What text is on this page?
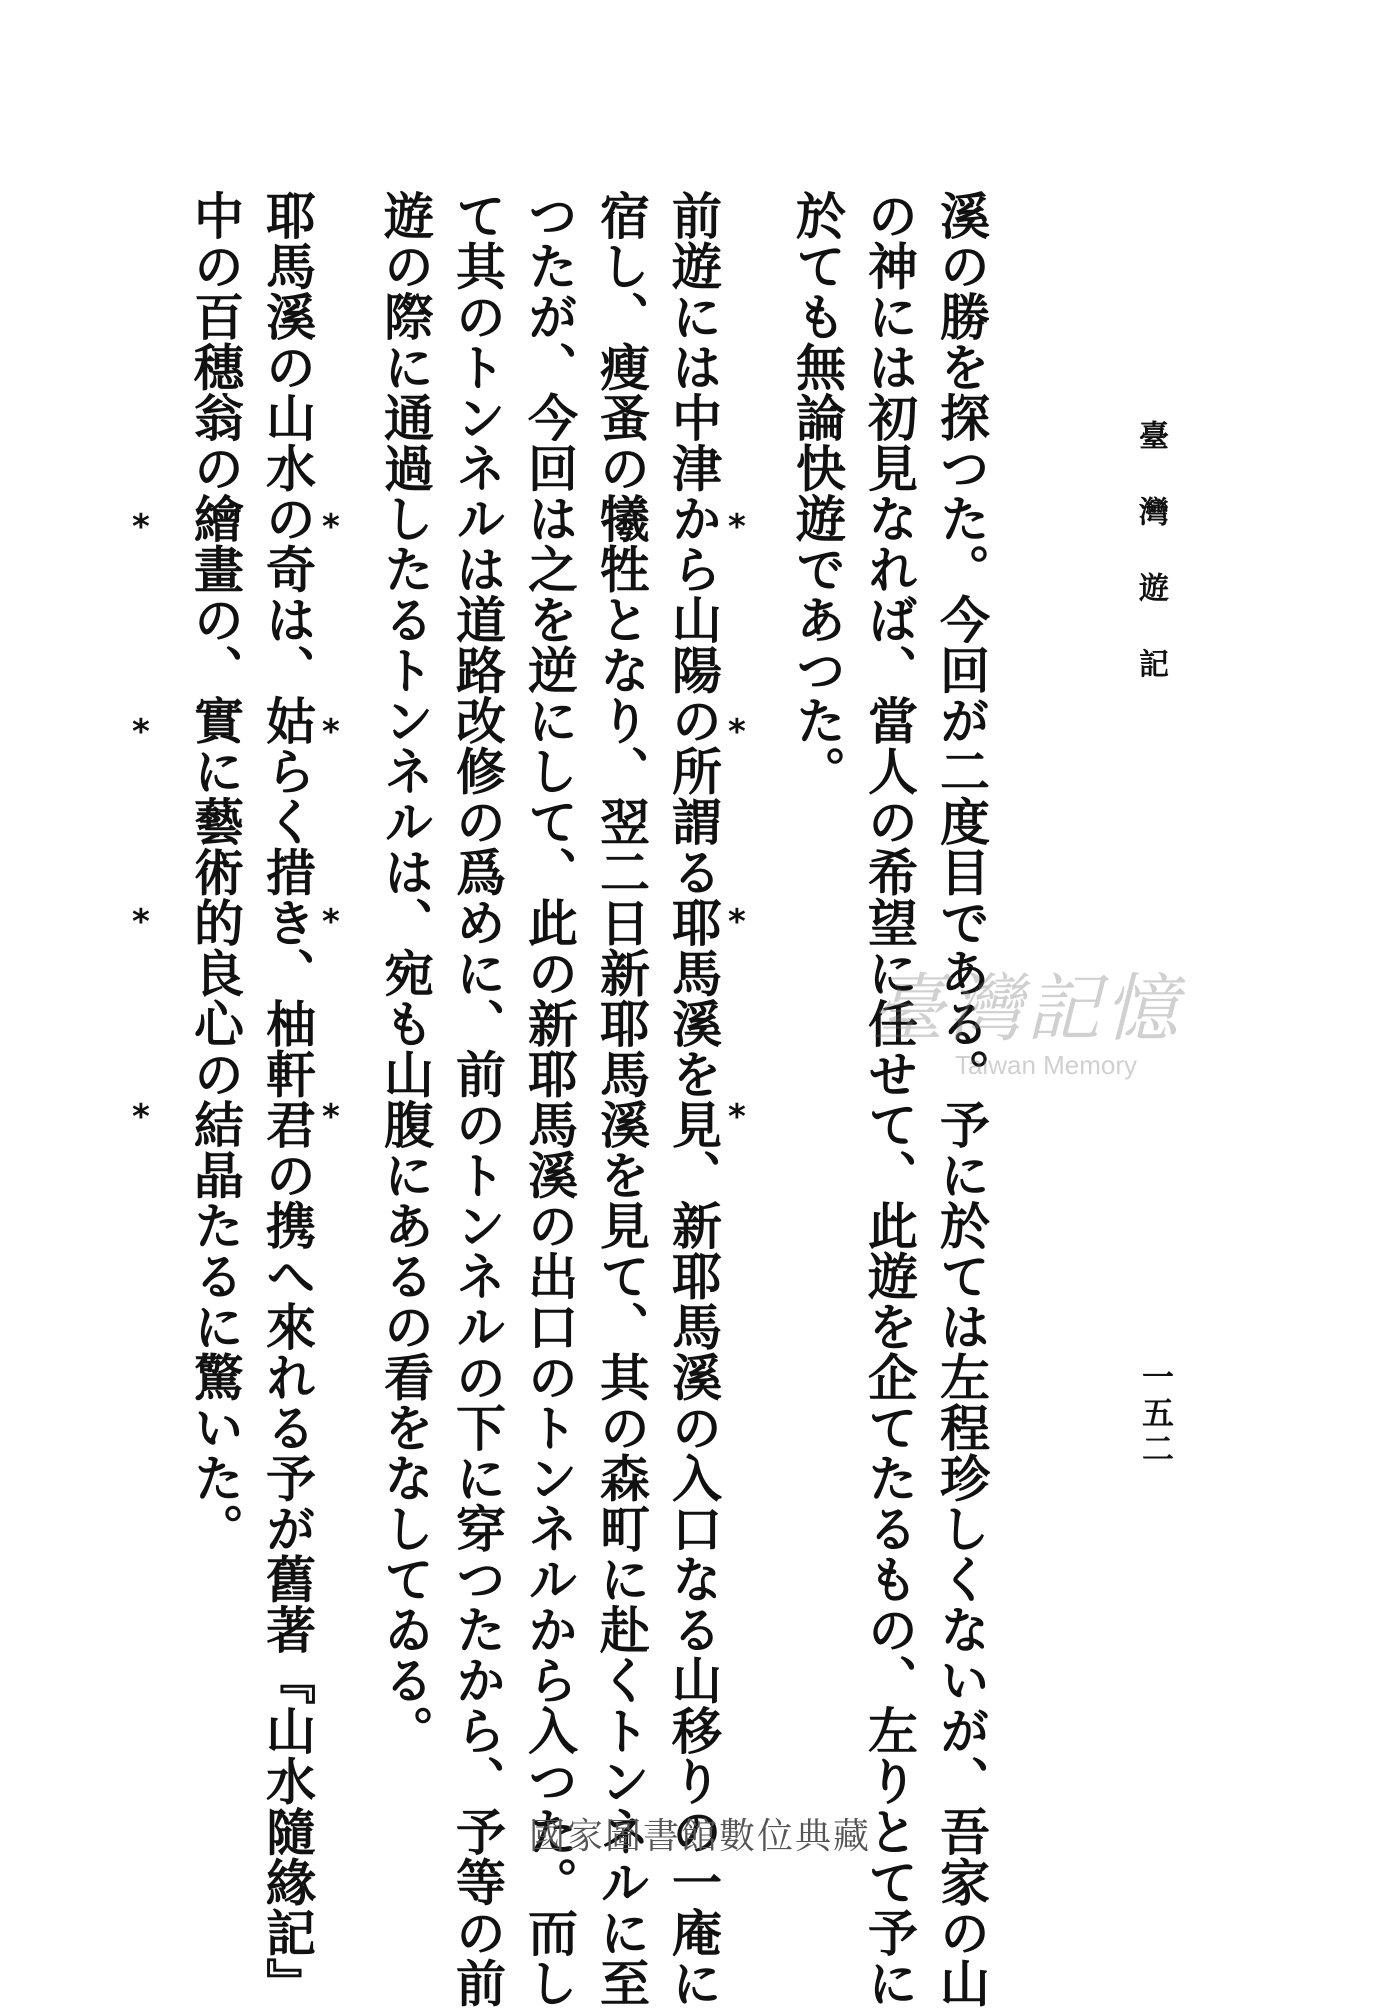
臺灣遊記
一五二
溪の勝を探つた。今回が二度目である。予に於ては左程珍しくないが、吾家の山
の神には初見なれば、當人の希望に任せて、此遊を企てたるもの、左りとて予に
於ても無論快遊であつた。
*
*
*
*
前遊には中津から山陽の所謂る耶馬溪を見、新耶馬溪の入口なる山移りの一庵に
宿し、瘦蚤の犧牲となり、翌二日新耶馬溪を見て、其の森町に赴くトンネルに至
つたが、今回は之を逆にして、此の新耶馬溪の出口のトンネルから入つた。而し
て其のトンネルは道路改修の爲めに、前のトンネルの下に穿つたから、予等の前
遊の際に通過したるトンネルは、宛も山腹にあるの看をなしてゐる。
*
*
*
*
耶馬溪の山水の奇は、姑らく措き、柚軒君の携へ來れる予が舊著『山水隨緣記』
中の百穗翁の繪畫の、實に藝術的良心の結晶たるに驚いた。
*
*
*
*
臺灣記憶
Taiwan Memory
國家圖書館數位典藏
